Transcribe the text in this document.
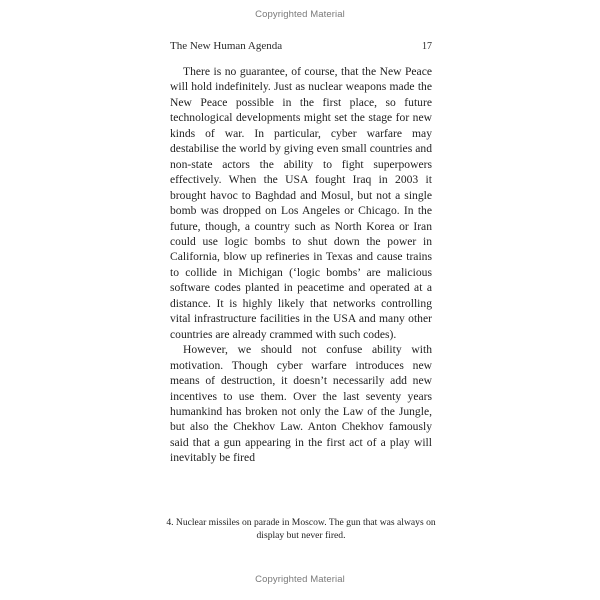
Copyrighted Material
The New Human Agenda	17

There is no guarantee, of course, that the New Peace will hold indefinitely. Just as nuclear weapons made the New Peace possible in the first place, so future technological developments might set the stage for new kinds of war. In particular, cyber warfare may destabilise the world by giving even small countries and non-state actors the ability to fight superpowers effectively. When the USA fought Iraq in 2003 it brought havoc to Baghdad and Mosul, but not a single bomb was dropped on Los Angeles or Chicago. In the future, though, a country such as North Korea or Iran could use logic bombs to shut down the power in California, blow up refineries in Texas and cause trains to collide in Michigan (‘logic bombs’ are malicious software codes planted in peacetime and operated at a distance. It is highly likely that networks controlling vital infrastructure facilities in the USA and many other countries are already crammed with such codes).

However, we should not confuse ability with motivation. Though cyber warfare introduces new means of destruction, it doesn’t necessarily add new incentives to use them. Over the last seventy years humankind has broken not only the Law of the Jungle, but also the Chekhov Law. Anton Chekhov famously said that a gun appearing in the first act of a play will inevitably be fired

4. Nuclear missiles on parade in Moscow. The gun that was always on display but never fired.
Copyrighted Material
